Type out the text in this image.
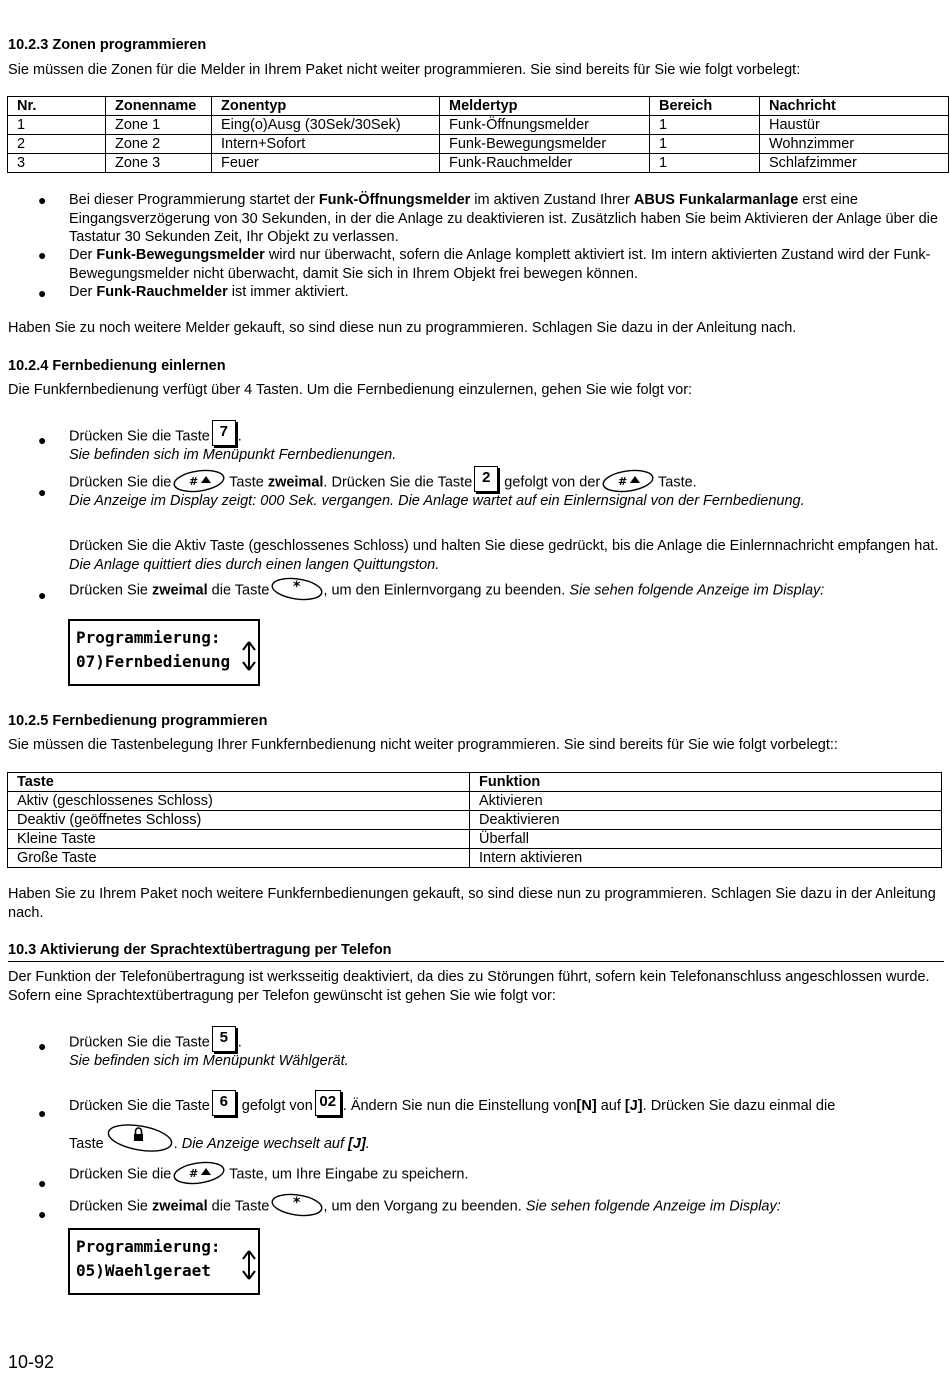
10.2.3 Zonen programmieren
Sie müssen die Zonen für die Melder in Ihrem Paket nicht weiter programmieren. Sie sind bereits für Sie wie folgt vorbelegt:
Nr.	Zonenname	Zonentyp	Meldertyp	Bereich	Nachricht
1	Zone 1	Eing(o)Ausg (30Sek/30Sek)	Funk-Öffnungsmelder	1	Haustür
2	Zone 2	Intern+Sofort	Funk-Bewegungsmelder	1	Wohnzimmer
3	Zone 3	Feuer	Funk-Rauchmelder	1	Schlafzimmer
● Bei dieser Programmierung startet der Funk-Öffnungsmelder im aktiven Zustand Ihrer ABUS Funkalarmanlage erst eine Eingangsverzögerung von 30 Sekunden, in der die Anlage zu deaktivieren ist. Zusätzlich haben Sie beim Aktivieren der Anlage über die Tastatur 30 Sekunden Zeit, Ihr Objekt zu verlassen.
● Der Funk-Bewegungsmelder wird nur überwacht, sofern die Anlage komplett aktiviert ist. Im intern aktivierten Zustand wird der Funk-Bewegungsmelder nicht überwacht, damit Sie sich in Ihrem Objekt frei bewegen können.
● Der Funk-Rauchmelder ist immer aktiviert.
Haben Sie zu noch weitere Melder gekauft, so sind diese nun zu programmieren. Schlagen Sie dazu in der Anleitung nach.
10.2.4 Fernbedienung einlernen
Die Funkfernbedienung verfügt über 4 Tasten. Um die Fernbedienung einzulernen, gehen Sie wie folgt vor:
● Drücken Sie die Taste 7 .
Sie befinden sich im Menüpunkt Fernbedienungen.
●
Drücken Sie die # Taste zweimal. Drücken Sie die Taste 2 gefolgt von der # Taste.
Die Anzeige im Display zeigt: 000 Sek. vergangen. Die Anlage wartet auf ein Einlernsignal von der Fernbedienung.
Drücken Sie die Aktiv Taste (geschlossenes Schloss) und halten Sie diese gedrückt, bis die Anlage die Einlernnachricht empfangen hat. Die Anlage quittiert dies durch einen langen Quittungston.
● Drücken Sie zweimal die Taste * , um den Einlernvorgang zu beenden. Sie sehen folgende Anzeige im Display:
Programmierung:
07)Fernbedienung
10.2.5 Fernbedienung programmieren
Sie müssen die Tastenbelegung Ihrer Funkfernbedienung nicht weiter programmieren. Sie sind bereits für Sie wie folgt vorbelegt::
Taste	Funktion
Aktiv (geschlossenes Schloss)	Aktivieren
Deaktiv (geöffnetes Schloss)	Deaktivieren
Kleine Taste	Überfall
Große Taste	Intern aktivieren
Haben Sie zu Ihrem Paket noch weitere Funkfernbedienungen gekauft, so sind diese nun zu programmieren. Schlagen Sie dazu in der Anleitung nach.
10.3 Aktivierung der Sprachtextübertragung per Telefon
Der Funktion der Telefonübertragung ist werksseitig deaktiviert, da dies zu Störungen führt, sofern kein Telefonanschluss angeschlossen wurde. Sofern eine Sprachtextübertragung per Telefon gewünscht ist gehen Sie wie folgt vor:
● Drücken Sie die Taste 5 .
Sie befinden sich im Menüpunkt Wählgerät.
● Drücken Sie die Taste 6 gefolgt von 02 . Ändern Sie nun die Einstellung von[N] auf [J]. Drücken Sie dazu einmal die
Taste	. Die Anzeige wechselt auf [J].
●
Drücken Sie die # Taste, um Ihre Eingabe zu speichern.
● Drücken Sie zweimal die Taste * , um den Vorgang zu beenden. Sie sehen folgende Anzeige im Display:
Programmierung:
05)Waehlgeraet
10-92
